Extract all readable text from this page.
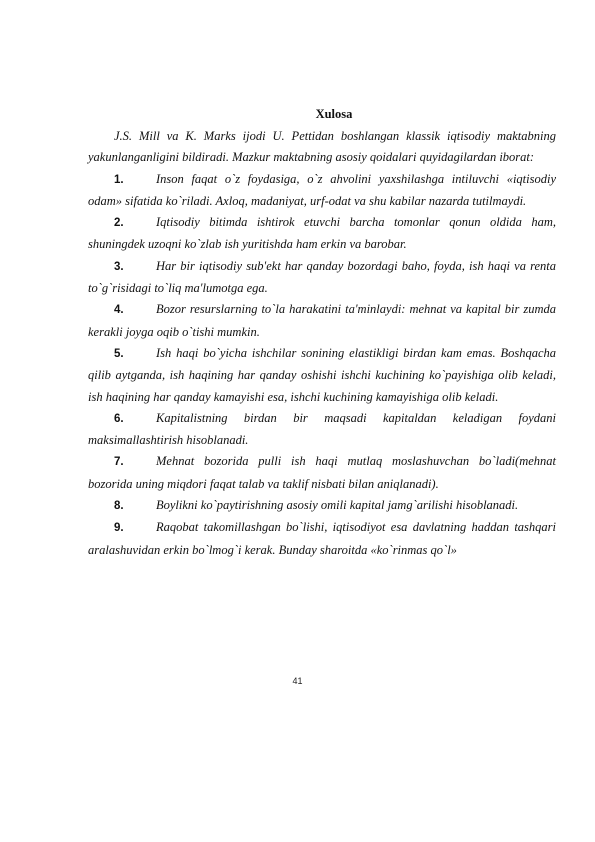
Xulosa

J.S. Mill va K. Marks ijodi U. Pettidan boshlangan klassik iqtisodiy maktabning yakunlanganligini bildiradi. Mazkur maktabning asosiy qoidalari quyidagilardan iborat:

1.	Inson faqat o`z foydasiga, o`z ahvolini yaxshilashga intiluvchi «iqtisodiy odam» sifatida ko`riladi. Axloq, madaniyat, urf-odat va shu kabilar nazarda tutilmaydi.

2.	Iqtisodiy bitimda ishtirok etuvchi barcha tomonlar qonun oldida ham, shuningdek uzoqni ko`zlab ish yuritishda ham erkin va barobar.

3.	Har bir iqtisodiy sub'ekt har qanday bozordagi baho, foyda, ish haqi va renta to`g`risidagi to`liq ma'lumotga ega.

4.	Bozor resurslarning to`la harakatini ta'minlaydi: mehnat va kapital bir zumda kerakli joyga oqib o`tishi mumkin.

5.	Ish haqi bo`yicha ishchilar sonining elastikligi birdan kam emas. Boshqacha qilib aytganda, ish haqining har qanday oshishi ishchi kuchining ko`payishiga olib keladi, ish haqining har qanday kamayishi esa, ishchi kuchining kamayishiga olib keladi.

6.	Kapitalistning birdan bir maqsadi kapitaldan keladigan foydani maksimallashtirish hisoblanadi.

7.	Mehnat bozorida pulli ish haqi mutlaq moslashuvchan bo`ladi(mehnat bozorida uning miqdori faqat talab va taklif nisbati bilan aniqlanadi).

8.	Boylikni ko`paytirishning asosiy omili kapital jamg`arilishi hisoblanadi.

9.	Raqobat takomillashgan bo`lishi, iqtisodiyot esa davlatning haddan tashqari aralashuvidan erkin bo`lmog`i kerak. Bunday sharoitda «ko`rinmas qo`l»

41
